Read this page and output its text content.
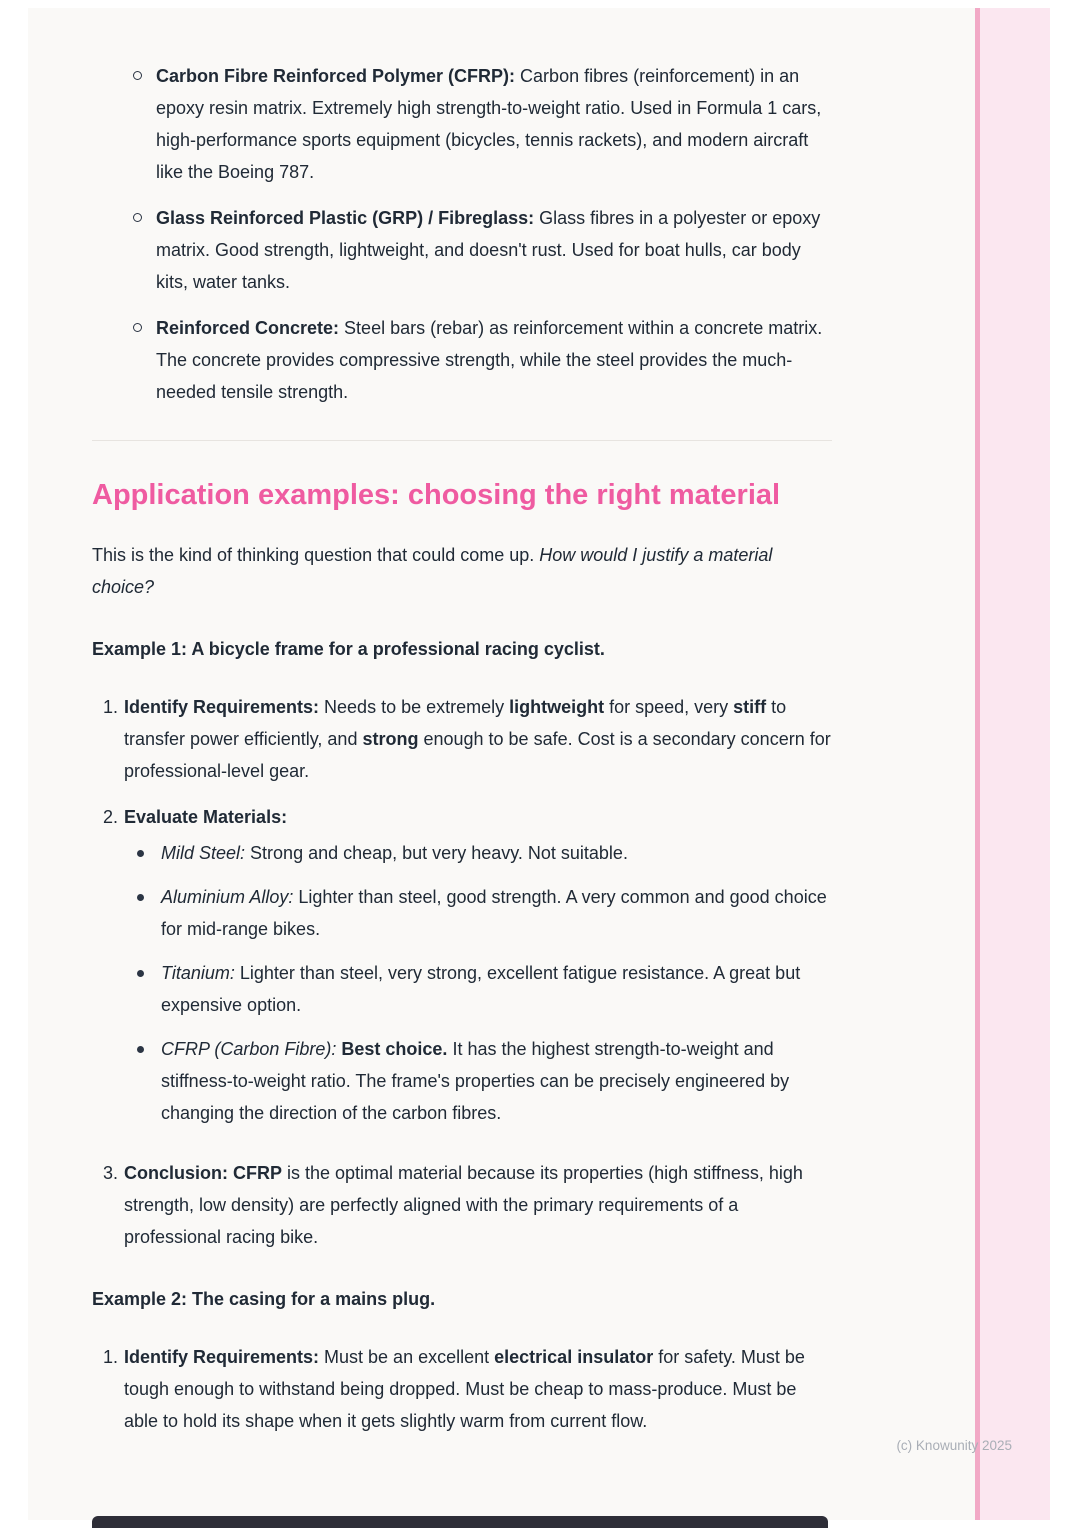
Carbon Fibre Reinforced Polymer (CFRP): Carbon fibres (reinforcement) in an epoxy resin matrix. Extremely high strength-to-weight ratio. Used in Formula 1 cars, high-performance sports equipment (bicycles, tennis rackets), and modern aircraft like the Boeing 787.
Glass Reinforced Plastic (GRP) / Fibreglass: Glass fibres in a polyester or epoxy matrix. Good strength, lightweight, and doesn't rust. Used for boat hulls, car body kits, water tanks.
Reinforced Concrete: Steel bars (rebar) as reinforcement within a concrete matrix. The concrete provides compressive strength, while the steel provides the much-needed tensile strength.
Application examples: choosing the right material

This is the kind of thinking question that could come up. How would I justify a material choice?

Example 1: A bicycle frame for a professional racing cyclist.

1. Identify Requirements: Needs to be extremely lightweight for speed, very stiff to transfer power efficiently, and strong enough to be safe. Cost is a secondary concern for professional-level gear.
2. Evaluate Materials:
Mild Steel: Strong and cheap, but very heavy. Not suitable.
Aluminium Alloy: Lighter than steel, good strength. A very common and good choice for mid-range bikes.
Titanium: Lighter than steel, very strong, excellent fatigue resistance. A great but expensive option.
CFRP (Carbon Fibre): Best choice. It has the highest strength-to-weight and stiffness-to-weight ratio. The frame's properties can be precisely engineered by changing the direction of the carbon fibres.
3. Conclusion: CFRP is the optimal material because its properties (high stiffness, high strength, low density) are perfectly aligned with the primary requirements of a professional racing bike.

Example 2: The casing for a mains plug.

1. Identify Requirements: Must be an excellent electrical insulator for safety. Must be tough enough to withstand being dropped. Must be cheap to mass-produce. Must be able to hold its shape when it gets slightly warm from current flow.
(c) Knowunity 2025
